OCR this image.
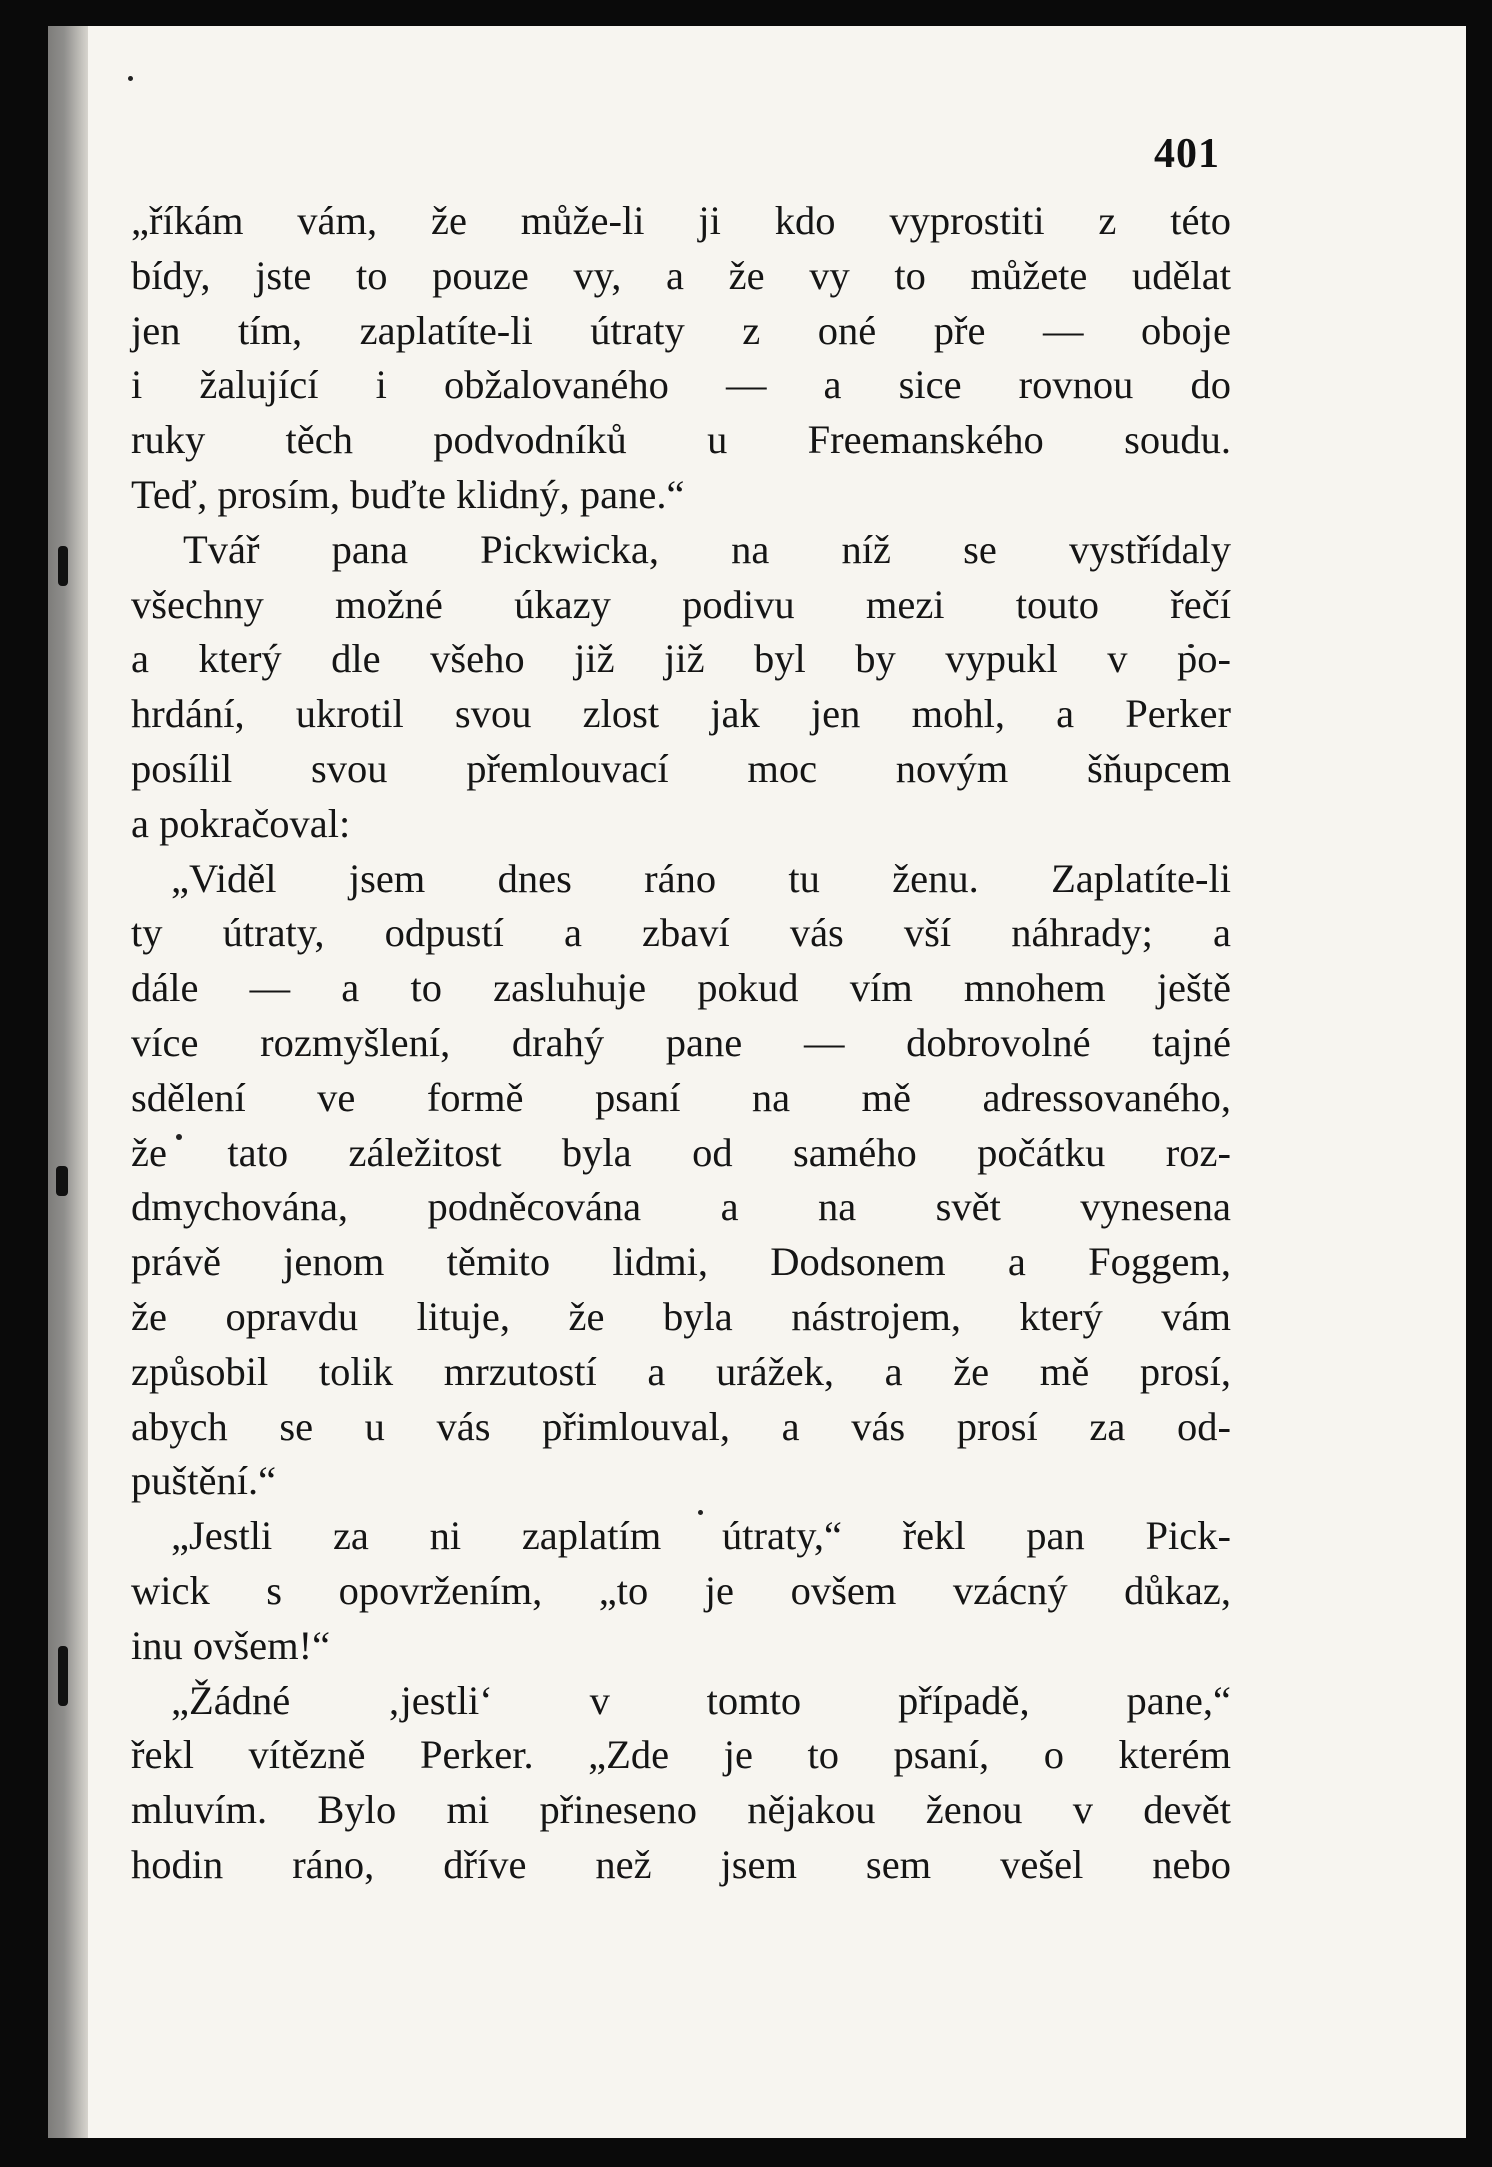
401
„říkám vám, že může-li ji kdo vyprostiti z této
bídy, jste to pouze vy, a že vy to můžete udělat
jen tím, zaplatíte-li útraty z oné pře — oboje
i žalující i obžalovaného — a sice rovnou do
ruky těch podvodníků u Freemanského soudu.
Teď, prosím, buďte klidný, pane.“
Tvář pana Pickwicka, na níž se vystřídaly
všechny možné úkazy podivu mezi touto řečí
a který dle všeho již již byl by vypukl v po-
hrdání, ukrotil svou zlost jak jen mohl, a Perker
posílil svou přemlouvací moc novým šňupcem
a pokračoval:
„Viděl jsem dnes ráno tu ženu. Zaplatíte-li
ty útraty, odpustí a zbaví vás vší náhrady; a
dále — a to zasluhuje pokud vím mnohem ještě
více rozmyšlení, drahý pane — dobrovolné tajné
sdělení ve formě psaní na mě adressovaného,
že tato záležitost byla od samého počátku roz-
dmychována, podněcována a na svět vynesena
právě jenom těmito lidmi, Dodsonem a Foggem,
že opravdu lituje, že byla nástrojem, který vám
způsobil tolik mrzutostí a urážek, a že mě prosí,
abych se u vás přimlouval, a vás prosí za od-
puštění.“
„Jestli za ni zaplatím útraty,“ řekl pan Pick-
wick s opovržením, „to je ovšem vzácný důkaz,
inu ovšem!“
„Žádné ‚jestli‘ v tomto případě, pane,“
řekl vítězně Perker. „Zde je to psaní, o kterém
mluvím. Bylo mi přineseno nějakou ženou v devět
hodin ráno, dříve než jsem sem vešel nebo
